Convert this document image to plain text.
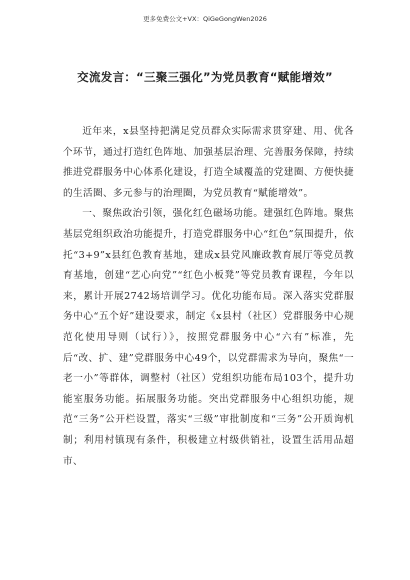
更多免费公文+VX：QiGeGongWen2026
交流发言：“三聚三强化”为党员教育“赋能增效”

近年来，x县坚持把满足党员群众实际需求贯穿建、用、优各个环节，通过打造红色阵地、加强基层治理、完善服务保障，持续推进党群服务中心体系化建设，打造全域覆盖的党建圈、方便快捷的生活圈、多元参与的治理圈，为党员教育“赋能增效”。

一、聚焦政治引领，强化红色磁场功能。建强红色阵地。聚焦基层党组织政治功能提升，打造党群服务中心“红色”氛围提升，依托“3+9”x县红色教育基地，建成x县党风廉政教育展厅等党员教育基地，创建“艺心向党”“红色小板凳”等党员教育课程，今年以来，累计开展2742场培训学习。优化功能布局。深入落实党群服务中心“五个好”建设要求，制定《x县村（社区）党群服务中心规范化使用导则（试行）》，按照党群服务中心“六有”标准，先后“改、扩、建”党群服务中心49个，以党群需求为导向，聚焦“一老一小”等群体，调整村（社区）党组织功能布局103个，提升功能室服务功能。拓展服务功能。突出党群服务中心组织功能，规范“三务”公开栏设置，落实“三级”审批制度和“三务”公开质询机制；利用村镇现有条件，积极建立村级供销社，设置生活用品超市、
